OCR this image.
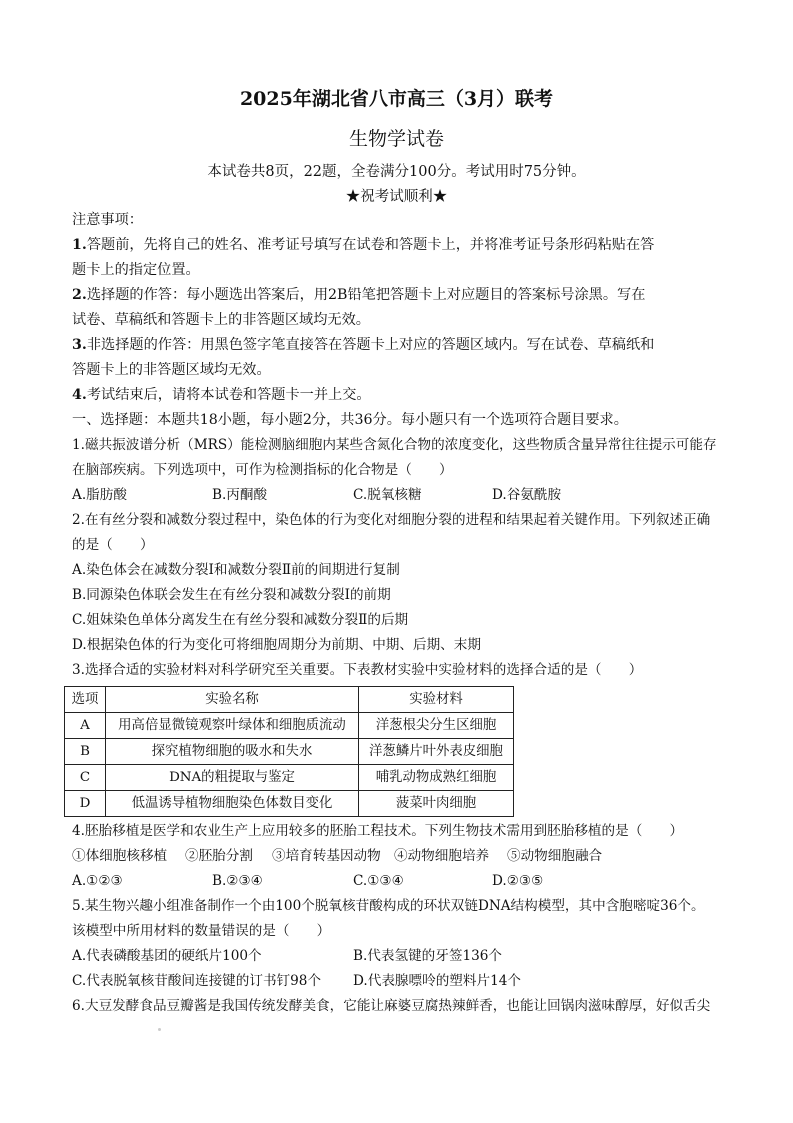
2025年湖北省八市高三（3月）联考
生物学试卷
本试卷共8页，22题，全卷满分100分。考试用时75分钟。
★祝考试顺利★
注意事项：
1.答题前，先将自己的姓名、准考证号填写在试卷和答题卡上，并将准考证号条形码粘贴在答
题卡上的指定位置。
2.选择题的作答：每小题选出答案后，用2B铅笔把答题卡上对应题目的答案标号涂黑。写在
试卷、草稿纸和答题卡上的非答题区域均无效。
3.非选择题的作答：用黑色签字笔直接答在答题卡上对应的答题区域内。写在试卷、草稿纸和
答题卡上的非答题区域均无效。
4.考试结束后，请将本试卷和答题卡一并上交。
一、选择题：本题共18小题，每小题2分，共36分。每小题只有一个选项符合题目要求。
1.磁共振波谱分析（MRS）能检测脑细胞内某些含氮化合物的浓度变化，这些物质含量异常往往提示可能存
在脑部疾病。下列选项中，可作为检测指标的化合物是（　　）
A.脂肪酸	B.丙酮酸	C.脱氧核糖	D.谷氨酰胺
2.在有丝分裂和减数分裂过程中，染色体的行为变化对细胞分裂的进程和结果起着关键作用。下列叙述正确
的是（　　）
A.染色体会在减数分裂Ⅰ和减数分裂Ⅱ前的间期进行复制
B.同源染色体联会发生在有丝分裂和减数分裂Ⅰ的前期
C.姐妹染色单体分离发生在有丝分裂和减数分裂Ⅱ的后期
D.根据染色体的行为变化可将细胞周期分为前期、中期、后期、末期
3.选择合适的实验材料对科学研究至关重要。下表教材实验中实验材料的选择合适的是（　　）
选项	实验名称	实验材料
A	用高倍显微镜观察叶绿体和细胞质流动	洋葱根尖分生区细胞
B	探究植物细胞的吸水和失水	洋葱鳞片叶外表皮细胞
C	DNA的粗提取与鉴定	哺乳动物成熟红细胞
D	低温诱导植物细胞染色体数目变化	菠菜叶肉细胞
4.胚胎移植是医学和农业生产上应用较多的胚胎工程技术。下列生物技术需用到胚胎移植的是（　　）
①体细胞核移植 ②胚胎分割 ③培育转基因动物 ④动物细胞培养 ⑤动物细胞融合
A.①②③	B.②③④	C.①③④	D.②③⑤
5.某生物兴趣小组准备制作一个由100个脱氧核苷酸构成的环状双链DNA结构模型，其中含胞嘧啶36个。
该模型中所用材料的数量错误的是（　　）
A.代表磷酸基团的硬纸片100个	B.代表氢键的牙签136个
C.代表脱氧核苷酸间连接键的订书钉98个 D.代表腺嘌呤的塑料片14个
6.大豆发酵食品豆瓣酱是我国传统发酵美食，它能让麻婆豆腐热辣鲜香，也能让回锅肉滋味醇厚，好似舌尖
